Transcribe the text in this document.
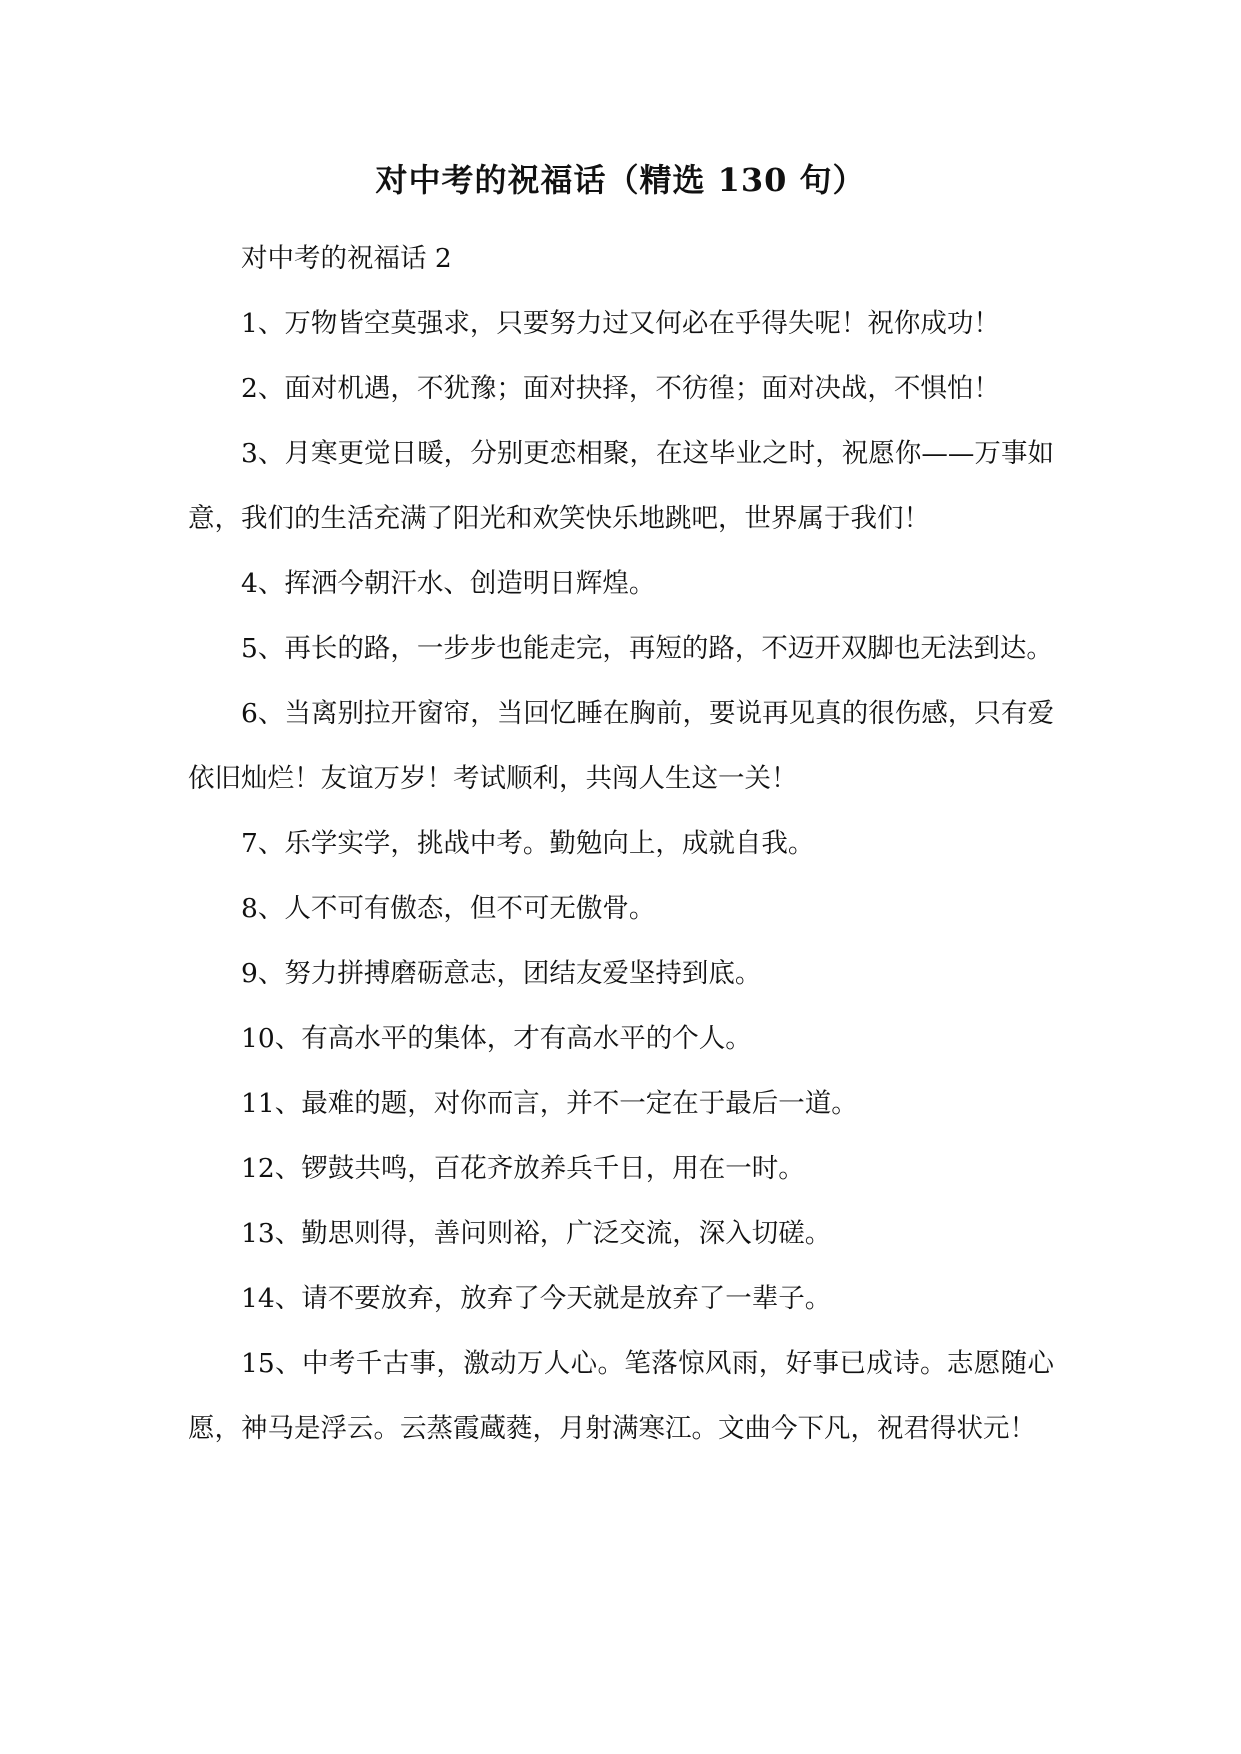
对中考的祝福话（精选 130 句）

对中考的祝福话 2

1、万物皆空莫强求，只要努力过又何必在乎得失呢！祝你成功！

2、面对机遇，不犹豫；面对抉择，不彷徨；面对决战，不惧怕！

3、月寒更觉日暖，分别更恋相聚，在这毕业之时，祝愿你——万事如意，我们的生活充满了阳光和欢笑快乐地跳吧，世界属于我们！

4、挥洒今朝汗水、创造明日辉煌。

5、再长的路，一步步也能走完，再短的路，不迈开双脚也无法到达。

6、当离别拉开窗帘，当回忆睡在胸前，要说再见真的很伤感，只有爱依旧灿烂！友谊万岁！考试顺利，共闯人生这一关！

7、乐学实学，挑战中考。勤勉向上，成就自我。

8、人不可有傲态，但不可无傲骨。

9、努力拼搏磨砺意志，团结友爱坚持到底。

10、有高水平的集体，才有高水平的个人。

11、最难的题，对你而言，并不一定在于最后一道。

12、锣鼓共鸣，百花齐放养兵千日，用在一时。

13、勤思则得，善问则裕，广泛交流，深入切磋。

14、请不要放弃，放弃了今天就是放弃了一辈子。

15、中考千古事，激动万人心。笔落惊风雨，好事已成诗。志愿随心愿，神马是浮云。云蒸霞蔵蕤，月射满寒江。文曲今下凡，祝君得状元！
